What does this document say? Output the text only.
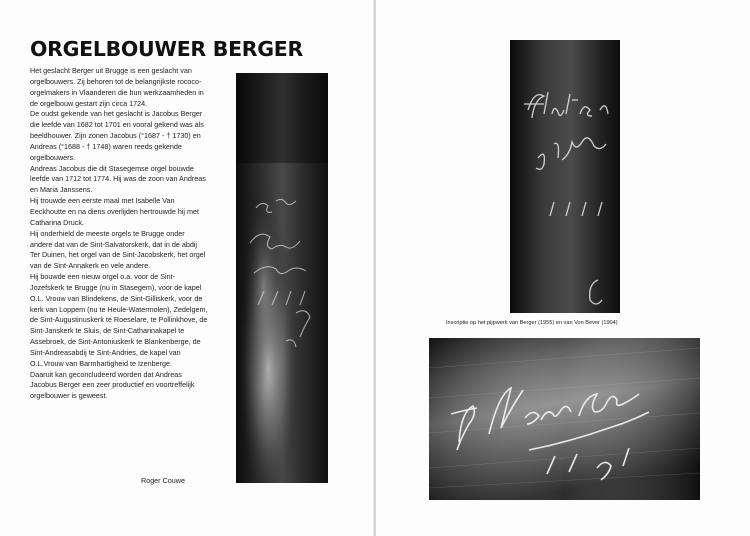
ORGELBOUWER BERGER
Het geslacht Berger uit Brugge is een geslacht van orgelbouwers. Zij behoren tot de belangrijkste rococo-orgelmakers in Vlaanderen die hun werkzaamheden in de orgelbouw gestart zijn circa 1724.
De oudst gekende van het geslacht is Jacobus Berger die leefde van 1682 tot 1701 en vooral gekend was als beeldhouwer. Zijn zonen Jacobus (°1687 - † 1730) en Andreas (°1688 - † 1748) waren reeds gekende orgelbouwers.
Andreas Jacobus die dit Stasegemse orgel bouwde leefde van 1712 tot 1774. Hij was de zoon van Andreas en Maria Janssens.
Hij trouwde een eerste maal met Isabelle Van Eeckhoutte en na diens overlijden hertrouwde hij met Catharina Druck.
Hij onderhield de meeste orgels te Brugge onder andere dat van de Sint-Salvatorskerk, dat in de abdij Ter Duinen, het orgel van de Sint-Jacobskerk, het orgel van de Sint-Annakerk en vele andere.
Hij bouwde een nieuw orgel o.a. voor de Sint-Jozefskerk te Brugge (nu in Stasegem), voor de kapel O.L. Vrouw van Blindekens, de Sint-Gilliskerk, voor de kerk van Loppem (nu te Heule-Watermolen), Zedelgem, de Sint-Augustinuskerk te Roeselare, te Pollinkhove, de Sint-Janskerk te Sluis, de Sint-Catharinakapel te Assebroek, de Sint-Antoniuskerk te Blankenberge, de Sint-Andreasabdij te Sint-Andries, de kapel van O.L.Vrouw van Barmhartigheid te Izenberge.
Daaruit kan geconcludeerd worden dat Andreas Jacobus Berger een zeer productief en voortreffelijk orgelbouwer is geweest.
Roger Couwe
Inscriptie op het pijpwerk van Berger (1955) en van Von Bever (1904)
